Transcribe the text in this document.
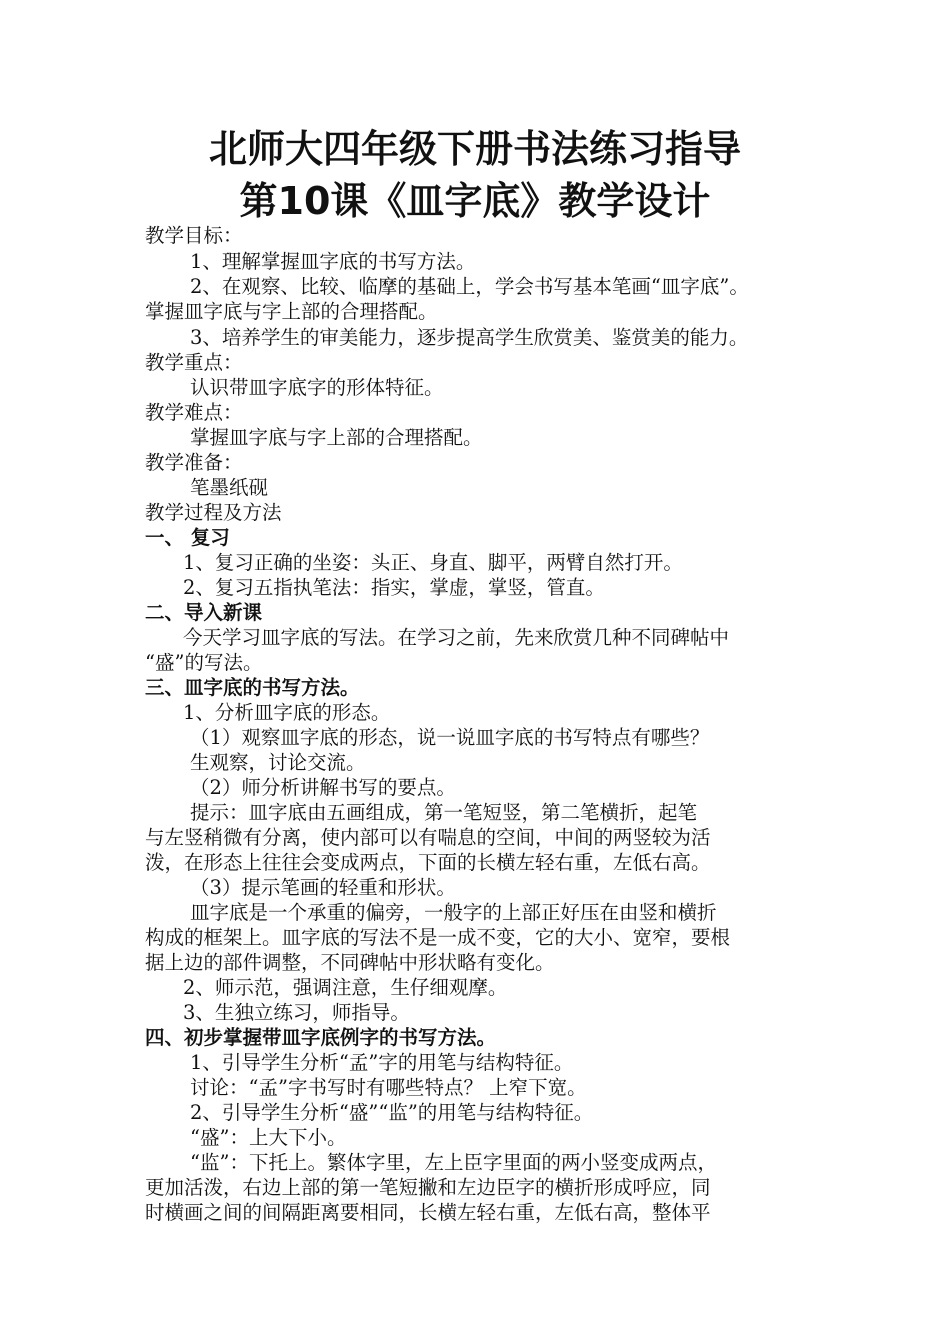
北师大四年级下册书法练习指导
第10课《皿字底》教学设计
教学目标：
1、理解掌握皿字底的书写方法。
2、在观察、比较、临摩的基础上，学会书写基本笔画“皿字底”。
掌握皿字底与字上部的合理搭配。
3、培养学生的审美能力，逐步提高学生欣赏美、鉴赏美的能力。
教学重点：
认识带皿字底字的形体特征。
教学难点：
掌握皿字底与字上部的合理搭配。
教学准备：
笔墨纸砚
教学过程及方法
一、 复习
1、复习正确的坐姿：头正、身直、脚平，两臂自然打开。
2、复习五指执笔法：指实，掌虚，掌竖，管直。
二、导入新课
今天学习皿字底的写法。在学习之前，先来欣赏几种不同碑帖中
“盛”的写法。
三、皿字底的书写方法。
1、分析皿字底的形态。
（1）观察皿字底的形态，说一说皿字底的书写特点有哪些？
生观察，讨论交流。
（2）师分析讲解书写的要点。
提示：皿字底由五画组成，第一笔短竖，第二笔横折，起笔
与左竖稍微有分离，使内部可以有喘息的空间，中间的两竖较为活
泼，在形态上往往会变成两点，下面的长横左轻右重，左低右高。
（3）提示笔画的轻重和形状。
皿字底是一个承重的偏旁，一般字的上部正好压在由竖和横折
构成的框架上。皿字底的写法不是一成不变，它的大小、宽窄，要根
据上边的部件调整，不同碑帖中形状略有变化。
2、师示范，强调注意，生仔细观摩。
3、生独立练习，师指导。
四、初步掌握带皿字底例字的书写方法。
1、引导学生分析“孟”字的用笔与结构特征。
讨论：“孟”字书写时有哪些特点？ 上窄下宽。
2、引导学生分析“盛”“监”的用笔与结构特征。
“盛”：上大下小。
“监”：下托上。繁体字里，左上臣字里面的两小竖变成两点，
更加活泼，右边上部的第一笔短撇和左边臣字的横折形成呼应，同
时横画之间的间隔距离要相同，长横左轻右重，左低右高，整体平
